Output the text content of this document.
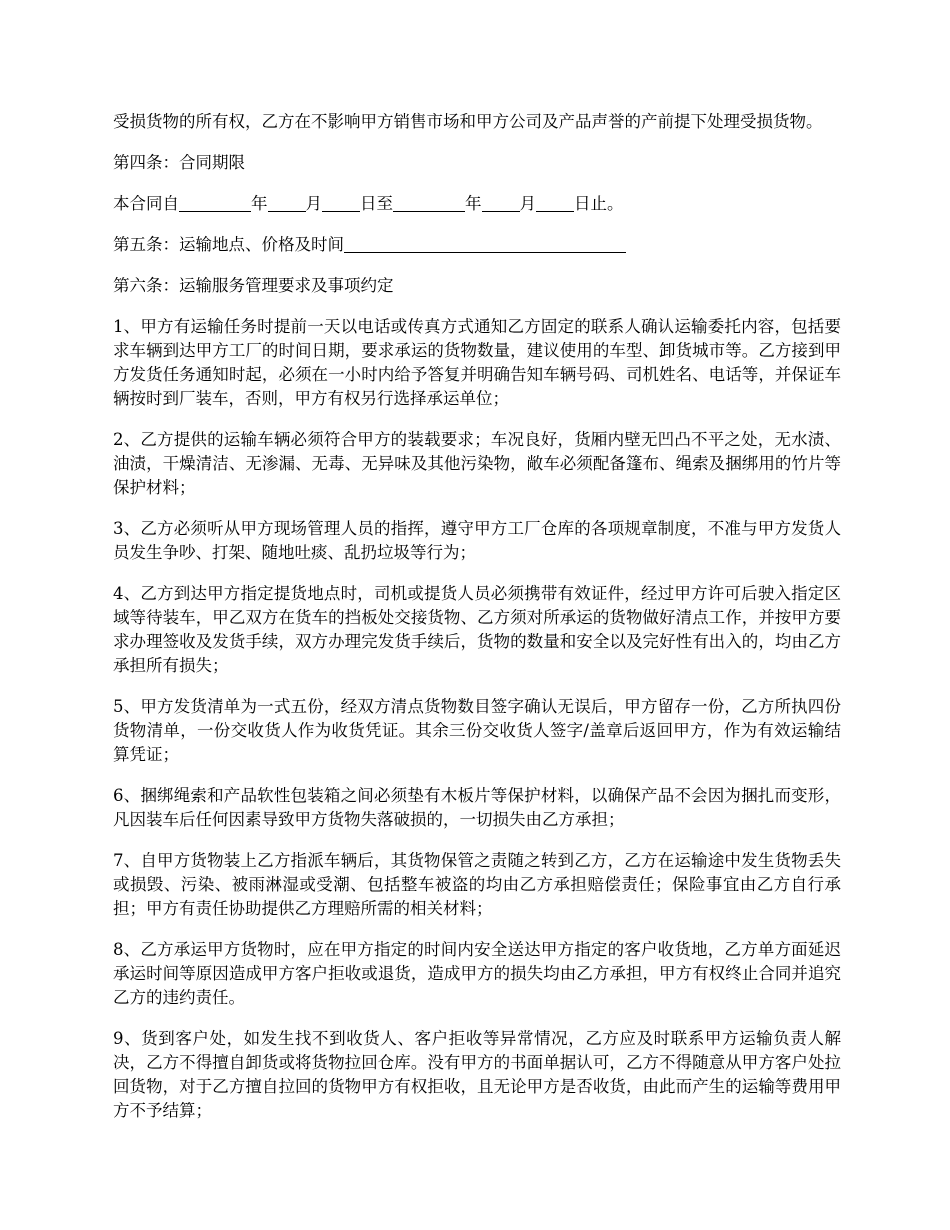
受损货物的所有权，乙方在不影响甲方销售市场和甲方公司及产品声誉的产前提下处理受损货物。

第四条：合同期限

本合同自	年 月 日至	年 月 日止。

第五条：运输地点、价格及时间

第六条：运输服务管理要求及事项约定

1、甲方有运输任务时提前一天以电话或传真方式通知乙方固定的联系人确认运输委托内容，包括要求车辆到达甲方工厂的时间日期，要求承运的货物数量，建议使用的车型、卸货城市等。乙方接到甲方发货任务通知时起，必须在一小时内给予答复并明确告知车辆号码、司机姓名、电话等，并保证车辆按时到厂装车，否则，甲方有权另行选择承运单位；

2、乙方提供的运输车辆必须符合甲方的装载要求；车况良好，货厢内壁无凹凸不平之处，无水渍、油渍，干燥清洁、无渗漏、无毒、无异味及其他污染物，敞车必须配备篷布、绳索及捆绑用的竹片等保护材料；

3、乙方必须听从甲方现场管理人员的指挥，遵守甲方工厂仓库的各项规章制度，不准与甲方发货人员发生争吵、打架、随地吐痰、乱扔垃圾等行为；

4、乙方到达甲方指定提货地点时，司机或提货人员必须携带有效证件，经过甲方许可后驶入指定区域等待装车，甲乙双方在货车的挡板处交接货物、乙方须对所承运的货物做好清点工作，并按甲方要求办理签收及发货手续，双方办理完发货手续后，货物的数量和安全以及完好性有出入的，均由乙方承担所有损失；

5、甲方发货清单为一式五份，经双方清点货物数目签字确认无误后，甲方留存一份，乙方所执四份货物清单，一份交收货人作为收货凭证。其余三份交收货人签字/盖章后返回甲方，作为有效运输结算凭证；

6、捆绑绳索和产品软性包装箱之间必须垫有木板片等保护材料，以确保产品不会因为捆扎而变形，凡因装车后任何因素导致甲方货物失落破损的，一切损失由乙方承担；

7、自甲方货物装上乙方指派车辆后，其货物保管之责随之转到乙方，乙方在运输途中发生货物丢失或损毁、污染、被雨淋湿或受潮、包括整车被盗的均由乙方承担赔偿责任；保险事宜由乙方自行承担；甲方有责任协助提供乙方理赔所需的相关材料；

8、乙方承运甲方货物时，应在甲方指定的时间内安全送达甲方指定的客户收货地，乙方单方面延迟承运时间等原因造成甲方客户拒收或退货，造成甲方的损失均由乙方承担，甲方有权终止合同并追究乙方的违约责任。

9、货到客户处，如发生找不到收货人、客户拒收等异常情况，乙方应及时联系甲方运输负责人解决，乙方不得擅自卸货或将货物拉回仓库。没有甲方的书面单据认可，乙方不得随意从甲方客户处拉回货物，对于乙方擅自拉回的货物甲方有权拒收，且无论甲方是否收货，由此而产生的运输等费用甲方不予结算；
